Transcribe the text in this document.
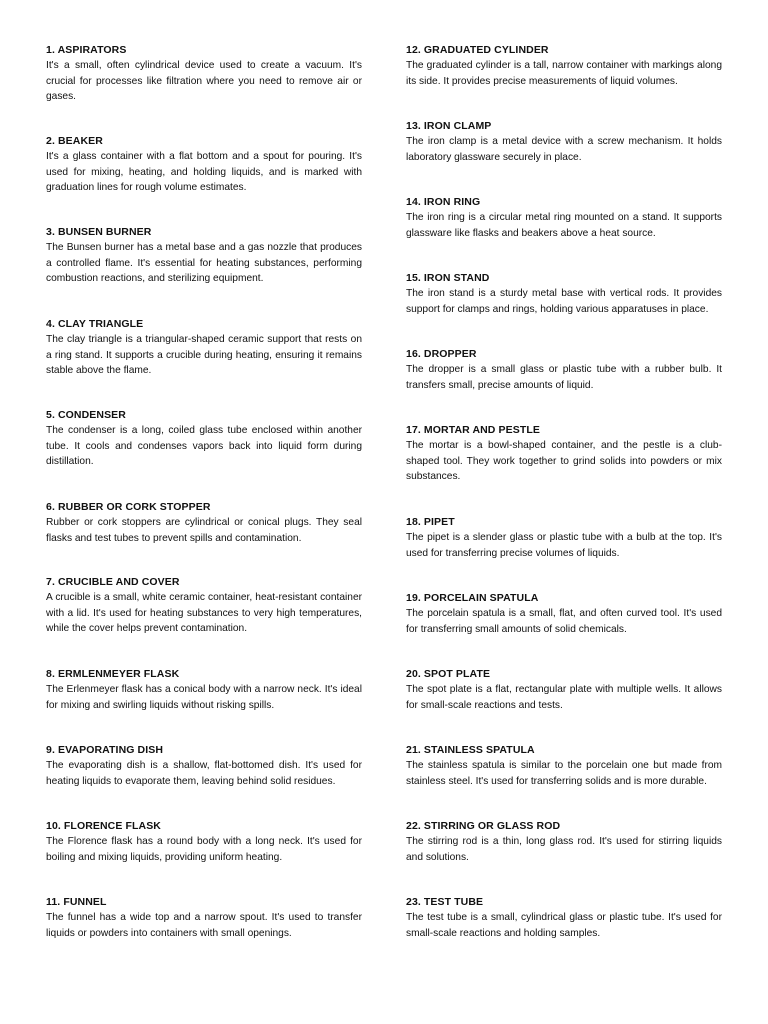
1. ASPIRATORS

It's a small, often cylindrical device used to create a vacuum. It's crucial for processes like filtration where you need to remove air or gases.

2. BEAKER

It's a glass container with a flat bottom and a spout for pouring. It's used for mixing, heating, and holding liquids, and is marked with graduation lines for rough volume estimates.

3. BUNSEN BURNER

The Bunsen burner has a metal base and a gas nozzle that produces a controlled flame. It's essential for heating substances, performing combustion reactions, and sterilizing equipment.

4. CLAY TRIANGLE

The clay triangle is a triangular-shaped ceramic support that rests on a ring stand. It supports a crucible during heating, ensuring it remains stable above the flame.

5. CONDENSER

The condenser is a long, coiled glass tube enclosed within another tube. It cools and condenses vapors back into liquid form during distillation.

6. RUBBER OR CORK STOPPER

Rubber or cork stoppers are cylindrical or conical plugs. They seal flasks and test tubes to prevent spills and contamination.

7. CRUCIBLE AND COVER

A crucible is a small, white ceramic container, heat-resistant container with a lid. It's used for heating substances to very high temperatures, while the cover helps prevent contamination.

8. ERMLENMEYER FLASK

The Erlenmeyer flask has a conical body with a narrow neck. It's ideal for mixing and swirling liquids without risking spills.

9. EVAPORATING DISH

The evaporating dish is a shallow, flat-bottomed dish. It's used for heating liquids to evaporate them, leaving behind solid residues.

10. FLORENCE FLASK

The Florence flask has a round body with a long neck. It's used for boiling and mixing liquids, providing uniform heating.

11. FUNNEL

The funnel has a wide top and a narrow spout. It's used to transfer liquids or powders into containers with small openings.

12. GRADUATED CYLINDER

The graduated cylinder is a tall, narrow container with markings along its side. It provides precise measurements of liquid volumes.

13. IRON CLAMP

The iron clamp is a metal device with a screw mechanism. It holds laboratory glassware securely in place.

14. IRON RING

The iron ring is a circular metal ring mounted on a stand. It supports glassware like flasks and beakers above a heat source.

15. IRON STAND

The iron stand is a sturdy metal base with vertical rods. It provides support for clamps and rings, holding various apparatuses in place.

16. DROPPER

The dropper is a small glass or plastic tube with a rubber bulb. It transfers small, precise amounts of liquid.

17. MORTAR AND PESTLE

The mortar is a bowl-shaped container, and the pestle is a club-shaped tool. They work together to grind solids into powders or mix substances.

18. PIPET

The pipet is a slender glass or plastic tube with a bulb at the top. It's used for transferring precise volumes of liquids.

19. PORCELAIN SPATULA

The porcelain spatula is a small, flat, and often curved tool. It's used for transferring small amounts of solid chemicals.

20. SPOT PLATE

The spot plate is a flat, rectangular plate with multiple wells. It allows for small-scale reactions and tests.

21. STAINLESS SPATULA

The stainless spatula is similar to the porcelain one but made from stainless steel. It's used for transferring solids and is more durable.

22. STIRRING OR GLASS ROD

The stirring rod is a thin, long glass rod. It's used for stirring liquids and solutions.

23. TEST TUBE

The test tube is a small, cylindrical glass or plastic tube. It's used for small-scale reactions and holding samples.
